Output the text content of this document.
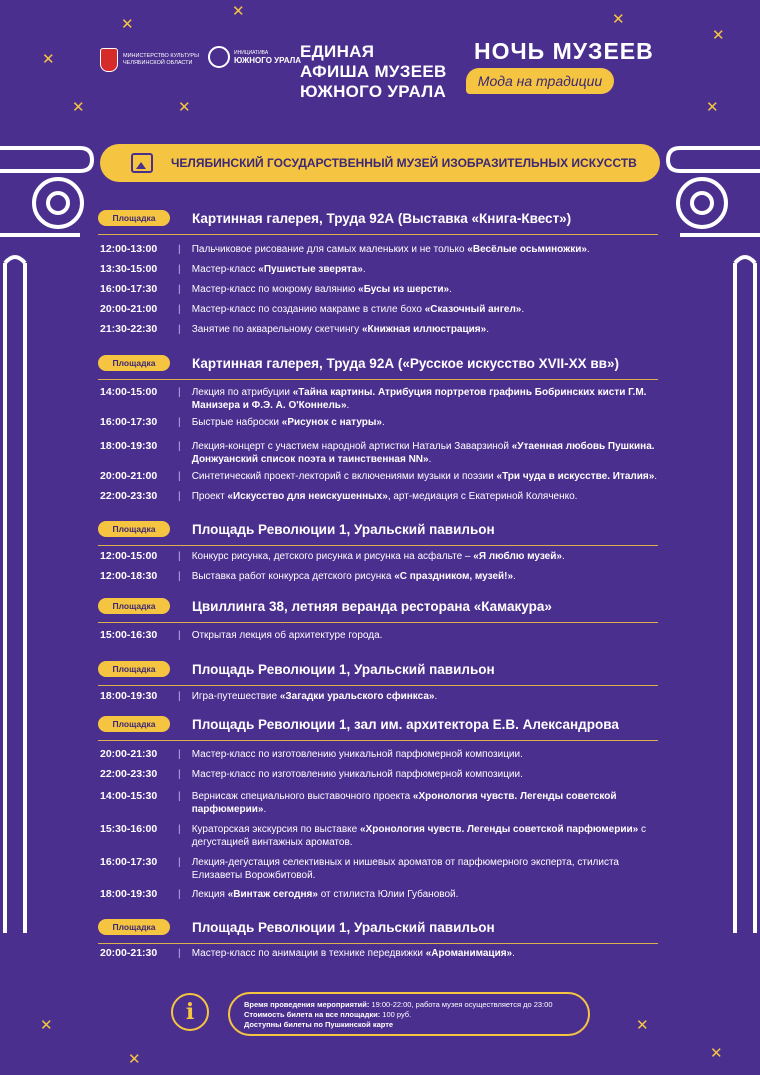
✕
✕
✕
✕	✕
✕
✕
✕
✕
✕
✕
✕
МИНИСТЕРСТВО КУЛЬТУРЫ ЧЕЛЯБИНСКОЙ ОБЛАСТИ
ИНИЦИАТИВА
ЮЖНОГО УРАЛА
ЕДИНАЯ
АФИША МУЗЕЕВ
ЮЖНОГО УРАЛА
НОЧЬ МУЗЕЕВ
Мода на традиции
ЧЕЛЯБИНСКИЙ ГОСУДАРСТВЕННЫЙ МУЗЕЙ ИЗОБРАЗИТЕЛЬНЫХ ИСКУССТВ
Площадка	Картинная галерея, Труда 92А (Выставка «Книга-Квест»)
12:00-13:00	|	Пальчиковое рисование для самых маленьких и не только «Весёлые осьминожки».
13:30-15:00	|	Мастер-класс «Пушистые зверята».
16:00-17:30	|	Мастер-класс по мокрому валянию «Бусы из шерсти».
20:00-21:00	|	Мастер-класс по созданию макраме в стиле бохо «Сказочный ангел».
21:30-22:30	|	Занятие по акварельному скетчингу «Книжная иллюстрация».
Площадка	Картинная галерея, Труда 92А («Русское искусство XVII-XX вв»)
14:00-15:00	|	Лекция по атрибуции «Тайна картины. Атрибуция портретов графинь Бобринских кисти Г.М. Манизера и Ф.Э. А. О'Коннель».
16:00-17:30	|	Быстрые наброски «Рисунок с натуры».
18:00-19:30	|	Лекция-концерт с участием народной артистки Натальи Заварзиной «Утаенная любовь Пушкина. Донжуанский список поэта и таинственная NN».
20:00-21:00	|	Синтетический проект-лекторий с включениями музыки и поэзии «Три чуда в искусстве. Италия».
22:00-23:30	|	Проект «Искусство для неискушенных», арт-медиация с Екатериной Коляченко.
Площадка	Площадь Революции 1, Уральский павильон
12:00-15:00	|	Конкурс рисунка, детского рисунка и рисунка на асфальте – «Я люблю музей».
12:00-18:30	|	Выставка работ конкурса детского рисунка «С праздником, музей!».
Площадка	Цвиллинга 38, летняя веранда ресторана «Камакура»
15:00-16:30	|	Открытая лекция об архитектуре города.
Площадка	Площадь Революции 1, Уральский павильон
18:00-19:30	|	Игра-путешествие «Загадки уральского сфинкса».
Площадка	Площадь Революции 1, зал им. архитектора Е.В. Александрова
20:00-21:30	|	Мастер-класс по изготовлению уникальной парфюмерной композиции.
22:00-23:30	|	Мастер-класс по изготовлению уникальной парфюмерной композиции.
14:00-15:30	|	Вернисаж специального выставочного проекта «Хронология чувств. Легенды советской парфюмерии».
15:30-16:00	|	Кураторская экскурсия по выставке «Хронология чувств. Легенды советской парфюмерии» с дегустацией винтажных ароматов.
16:00-17:30	|	Лекция-дегустация селективных и нишевых ароматов от парфюмерного эксперта, стилиста Елизаветы Ворожбитовой.
18:00-19:30	|	Лекция «Винтаж сегодня» от стилиста Юлии Губановой.
Площадка	Площадь Революции 1, Уральский павильон
20:00-21:30	|	Мастер-класс по анимации в технике передвижки «Ароманимация».
i	Время проведения мероприятий: 19:00-22:00, работа музея осуществляется до 23:00
Стоимость билета на все площадки: 100 руб.
Доступны билеты по Пушкинской карте
